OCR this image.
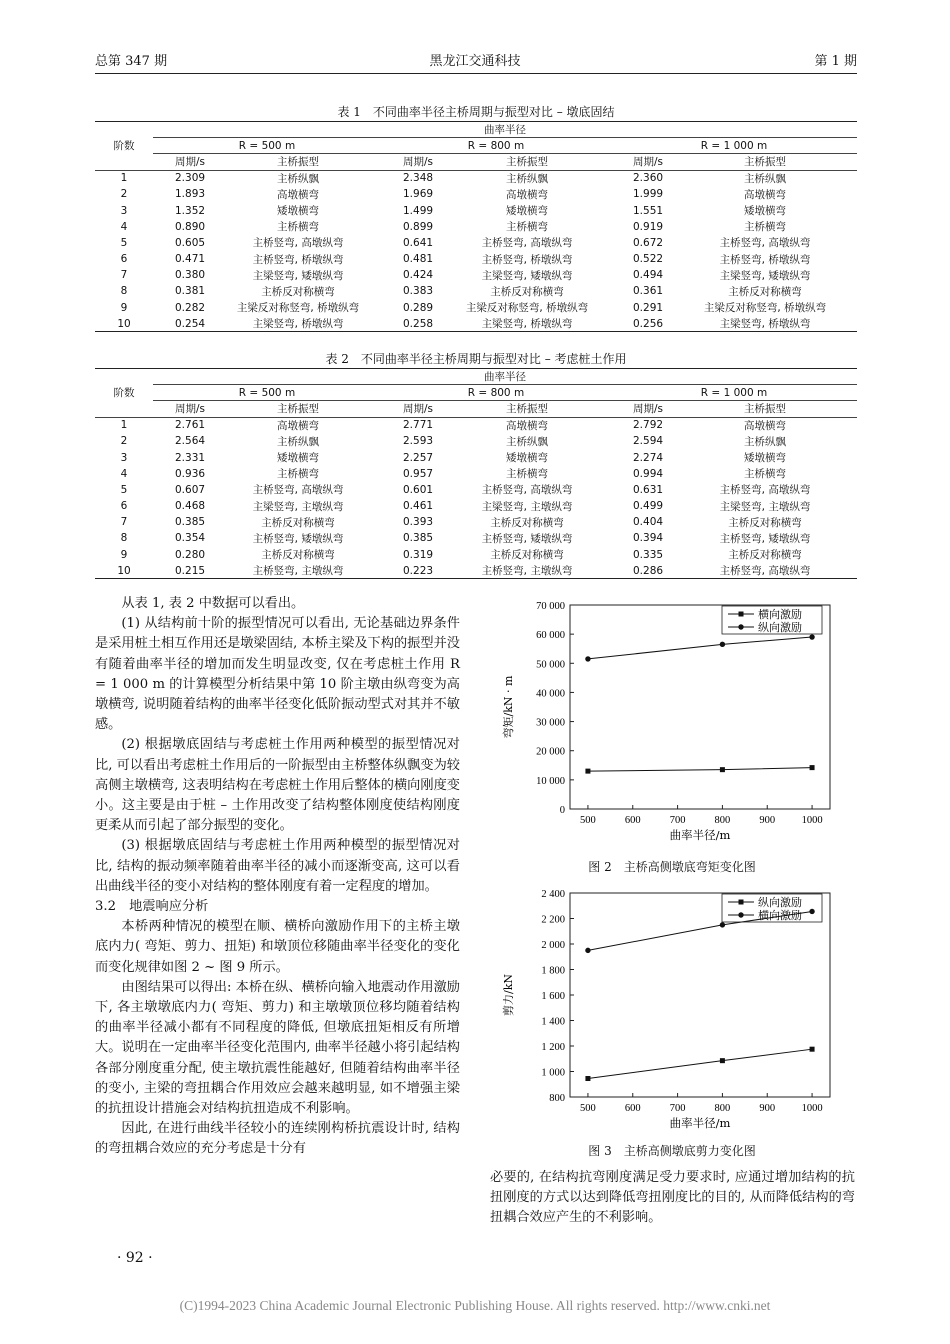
总第 347 期	黑龙江交通科技	第 1 期
表 1　不同曲率半径主桥周期与振型对比 – 墩底固结
阶数	曲率半径					
	R = 500 m		R = 800 m		R = 1 000 m	
	周期/s	主桥振型	周期/s	主桥振型	周期/s	主桥振型
1	2.309	主桥纵飘	2.348	主桥纵飘	2.360	主桥纵飘
2	1.893	高墩横弯	1.969	高墩横弯	1.999	高墩横弯
3	1.352	矮墩横弯	1.499	矮墩横弯	1.551	矮墩横弯
4	0.890	主桥横弯	0.899	主桥横弯	0.919	主桥横弯
5	0.605	主桥竖弯, 高墩纵弯	0.641	主桥竖弯, 高墩纵弯	0.672	主桥竖弯, 高墩纵弯
6	0.471	主桥竖弯, 桥墩纵弯	0.481	主桥竖弯, 桥墩纵弯	0.522	主桥竖弯, 桥墩纵弯
7	0.380	主梁竖弯, 矮墩纵弯	0.424	主梁竖弯, 矮墩纵弯	0.494	主梁竖弯, 矮墩纵弯
8	0.381	主桥反对称横弯	0.383	主桥反对称横弯	0.361	主桥反对称横弯
9	0.282	主梁反对称竖弯, 桥墩纵弯	0.289	主梁反对称竖弯, 桥墩纵弯	0.291	主梁反对称竖弯, 桥墩纵弯
10	0.254	主梁竖弯, 桥墩纵弯	0.258	主梁竖弯, 桥墩纵弯	0.256	主梁竖弯, 桥墩纵弯
表 2　不同曲率半径主桥周期与振型对比 – 考虑桩土作用
阶数	曲率半径					
	R = 500 m		R = 800 m		R = 1 000 m	
	周期/s	主桥振型	周期/s	主桥振型	周期/s	主桥振型
1	2.761	高墩横弯	2.771	高墩横弯	2.792	高墩横弯
2	2.564	主桥纵飘	2.593	主桥纵飘	2.594	主桥纵飘
3	2.331	矮墩横弯	2.257	矮墩横弯	2.274	矮墩横弯
4	0.936	主桥横弯	0.957	主桥横弯	0.994	主桥横弯
5	0.607	主桥竖弯, 高墩纵弯	0.601	主桥竖弯, 高墩纵弯	0.631	主桥竖弯, 高墩纵弯
6	0.468	主梁竖弯, 主墩纵弯	0.461	主梁竖弯, 主墩纵弯	0.499	主梁竖弯, 主墩纵弯
7	0.385	主桥反对称横弯	0.393	主桥反对称横弯	0.404	主桥反对称横弯
8	0.354	主桥竖弯, 矮墩纵弯	0.385	主桥竖弯, 矮墩纵弯	0.394	主桥竖弯, 矮墩纵弯
9	0.280	主桥反对称横弯	0.319	主桥反对称横弯	0.335	主桥反对称横弯
10	0.215	主桥竖弯, 主墩纵弯	0.223	主桥竖弯, 主墩纵弯	0.286	主桥竖弯, 高墩纵弯

从表 1, 表 2 中数据可以看出。

(1) 从结构前十阶的振型情况可以看出, 无论基础边界条件是采用桩土相互作用还是墩梁固结, 本桥主梁及下构的振型并没有随着曲率半径的增加而发生明显改变, 仅在考虑桩土作用 R = 1 000 m 的计算模型分析结果中第 10 阶主墩由纵弯变为高墩横弯, 说明随着结构的曲率半径变化低阶振动型式对其并不敏感。

(2) 根据墩底固结与考虑桩土作用两种模型的振型情况对比, 可以看出考虑桩土作用后的一阶振型由主桥整体纵飘变为较高侧主墩横弯, 这表明结构在考虑桩土作用后整体的横向刚度变小。这主要是由于桩 – 土作用改变了结构整体刚度使结构刚度更柔从而引起了部分振型的变化。

(3) 根据墩底固结与考虑桩土作用两种模型的振型情况对比, 结构的振动频率随着曲率半径的减小而逐渐变高, 这可以看出曲线半径的变小对结构的整体刚度有着一定程度的增加。

3.2　地震响应分析

本桥两种情况的模型在顺、横桥向激励作用下的主桥主墩底内力( 弯矩、剪力、扭矩) 和墩顶位移随曲率半径变化的变化而变化规律如图 2 ~ 图 9 所示。

由图结果可以得出: 本桥在纵、横桥向输入地震动作用激励下, 各主墩墩底内力( 弯矩、剪力) 和主墩墩顶位移均随着结构的曲率半径减小都有不同程度的降低, 但墩底扭矩相反有所增大。说明在一定曲率半径变化范围内, 曲率半径越小将引起结构各部分刚度重分配, 使主墩抗震性能越好, 但随着结构曲率半径的变小, 主梁的弯扭耦合作用效应会越来越明显, 如不增强主梁的抗扭设计措施会对结构抗扭造成不利影响。

因此, 在进行曲线半径较小的连续刚构桥抗震设计时, 结构的弯扭耦合效应的充分考虑是十分有

0
10 000
20 000
30 000
40 000
50 000
60 000
70 000
500	600	700	800	900	1000
曲率半径/m
弯矩/kN · m
横向激励
纵向激励
图 2　主桥高侧墩底弯矩变化图
800
1 000
1 200
1 400
1 600
1 800
2 000
2 200
2 400
500	600	700	800	900	1000
曲率半径/m
剪力/kN
纵向激励
横向激励
图 3　主桥高侧墩底剪力变化图

必要的, 在结构抗弯刚度满足受力要求时, 应通过增加结构的抗扭刚度的方式以达到降低弯扭刚度比的目的, 从而降低结构的弯扭耦合效应产生的不利影响。

· 92 ·
(C)1994-2023 China Academic Journal Electronic Publishing House. All rights reserved. http://www.cnki.net
